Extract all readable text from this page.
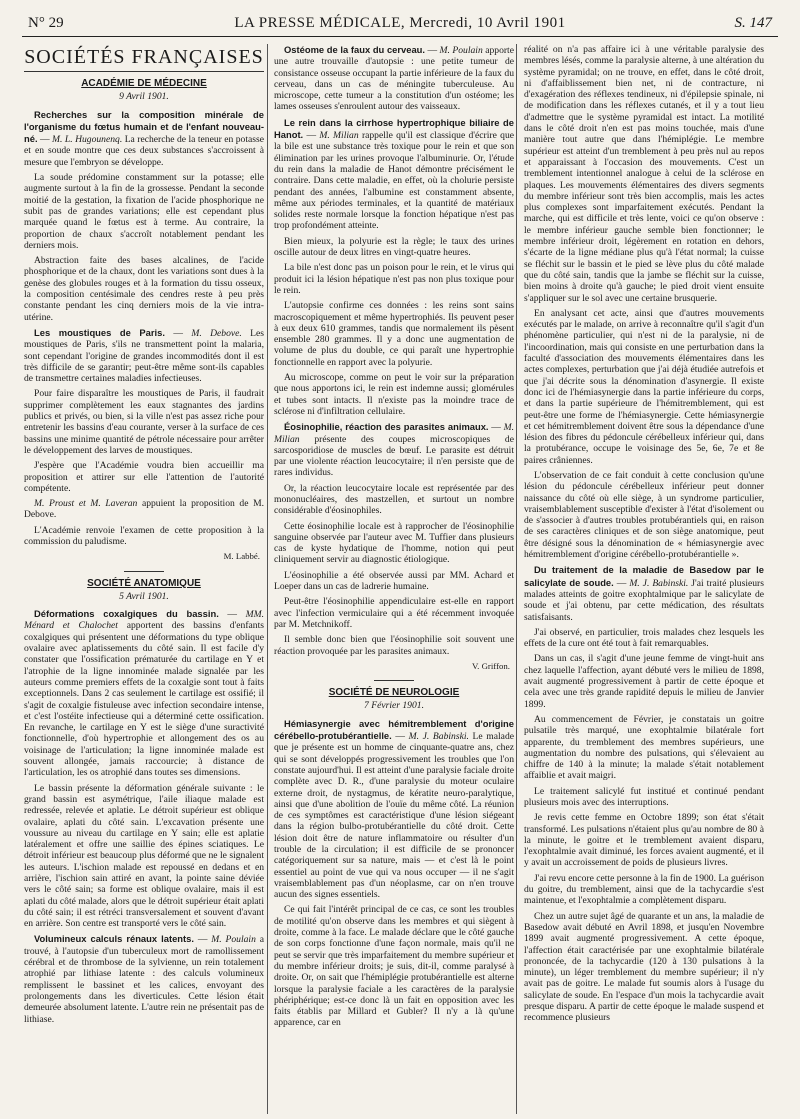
N° 29	LA PRESSE MÉDICALE, Mercredi, 10 Avril 1901	S. 147
SOCIÉTÉS FRANÇAISES
ACADÉMIE DE MÉDECINE
9 Avril 1901.

Recherches sur la composition minérale de l'organisme du fœtus humain et de l'enfant nouveau-né. — M. L. Hugounenq. La recherche de la teneur en potasse et en soude montre que ces deux substances s'accroissent à mesure que l'embryon se développe.

La soude prédomine constamment sur la potasse; elle augmente surtout à la fin de la grossesse. Pendant la seconde moitié de la gestation, la fixation de l'acide phosphorique ne subit pas de grandes variations; elle est cependant plus marquée quand le fœtus est à terme. Au contraire, la proportion de chaux s'accroît notablement pendant les derniers mois.

Abstraction faite des bases alcalines, de l'acide phosphorique et de la chaux, dont les variations sont dues à la genèse des globules rouges et à la formation du tissu osseux, la composition centésimale des cendres reste à peu près constante pendant les cinq derniers mois de la vie intra-utérine.

Les moustiques de Paris. — M. Debove. Les moustiques de Paris, s'ils ne transmettent point la malaria, sont cependant l'origine de grandes incommodités dont il est très difficile de se garantir; peut-être même sont-ils capables de transmettre certaines maladies infectieuses.

Pour faire disparaître les moustiques de Paris, il faudrait supprimer complètement les eaux stagnantes des jardins publics et privés, ou bien, si la ville n'est pas assez riche pour entretenir les bassins d'eau courante, verser à la surface de ces bassins une minime quantité de pétrole nécessaire pour arrêter le développement des larves de moustiques.

J'espère que l'Académie voudra bien accueillir ma proposition et attirer sur elle l'attention de l'autorité compétente.

M. Proust et M. Laveran appuient la proposition de M. Debove.

L'Académie renvoie l'examen de cette proposition à la commission du paludisme.

M. Labbé.

SOCIÉTÉ ANATOMIQUE
5 Avril 1901.

Déformations coxalgiques du bassin. — MM. Ménard et Chalochet apportent des bassins d'enfants coxalgiques qui présentent une déformations du type oblique ovalaire avec aplatissements du côté sain. Il est facile d'y constater que l'ossification prématurée du cartilage en Y et l'atrophie de la ligne innominée malade signalée par les auteurs comme premiers effets de la coxalgie sont tout à faits exceptionnels. Dans 2 cas seulement le cartilage est ossifié; il s'agit de coxalgie fistuleuse avec infection secondaire intense, et c'est l'ostéite infectieuse qui a déterminé cette ossification. En revanche, le cartilage en Y est le siège d'une suractivité fonctionnelle, d'où hypertrophie et allongement des os au voisinage de l'articulation; la ligne innominée malade est souvent allongée, jamais raccourcie; à distance de l'articulation, les os atrophié dans toutes ses dimensions.

Le bassin présente la déformation générale suivante : le grand bassin est asymétrique, l'aile iliaque malade est redressée, relevée et aplatie. Le détroit supérieur est oblique ovalaire, aplati du côté sain. L'excavation présente une voussure au niveau du cartilage en Y sain; elle est aplatie latéralement et offre une saillie des épines sciatiques. Le détroit inférieur est beaucoup plus déformé que ne le signalent les auteurs. L'ischion malade est repoussé en dedans et en arrière, l'ischion sain attiré en avant, la pointe saine déviée vers le côté sain; sa forme est oblique ovalaire, mais il est aplati du côté malade, alors que le détroit supérieur était aplati du côté sain; il est rétréci transversalement et souvent d'avant en arrière. Son centre est transporté vers le côté sain.

Volumineux calculs rénaux latents. — M. Poulain a trouvé, à l'autopsie d'un tuberculeux mort de ramollissement cérébral et de thrombose de la sylvienne, un rein totalement atrophié par lithiase latente : des calculs volumineux remplissent le bassinet et les calices, envoyant des prolongements dans les diverticules. Cette lésion était demeurée absolument latente. L'autre rein ne présentait pas de lithiase.

Ostéome de la faux du cerveau. — M. Poulain apporte une autre trouvaille d'autopsie : une petite tumeur de consistance osseuse occupant la partie inférieure de la faux du cerveau, dans un cas de méningite tuberculeuse. Au microscope, cette tumeur a la constitution d'un ostéome; les lames osseuses s'enroulent autour des vaisseaux.

Le rein dans la cirrhose hypertrophique biliaire de Hanot. — M. Milian rappelle qu'il est classique d'écrire que la bile est une substance très toxique pour le rein et que son élimination par les urines provoque l'albuminurie. Or, l'étude du rein dans la maladie de Hanot démontre précisément le contraire. Dans cette maladie, en effet, où la cholurie persiste pendant des années, l'albumine est constamment absente, même aux périodes terminales, et la quantité de matériaux solides reste normale lorsque la fonction hépatique n'est pas trop profondément atteinte.

Bien mieux, la polyurie est la règle; le taux des urines oscille autour de deux litres en vingt-quatre heures.

La bile n'est donc pas un poison pour le rein, et le virus qui produit ici la lésion hépatique n'est pas non plus toxique pour le rein.

L'autopsie confirme ces données : les reins sont sains macroscopiquement et même hypertrophiés. Ils peuvent peser à eux deux 610 grammes, tandis que normalement ils pèsent ensemble 280 grammes. Il y a donc une augmentation de volume de plus du double, ce qui paraît une hypertrophie fonctionnelle en rapport avec la polyurie.

Au microscope, comme on peut le voir sur la préparation que nous apportons ici, le rein est indemne aussi; glomérules et tubes sont intacts. Il n'existe pas la moindre trace de sclérose ni d'infiltration cellulaire.

Éosinophilie, réaction des parasites animaux. — M. Milian présente des coupes microscopiques de sarcosporidiose de muscles de bœuf. Le parasite est détruit par une violente réaction leucocytaire; il n'en persiste que de rares individus.

Or, la réaction leucocytaire locale est représentée par des mononucléaires, des mastzellen, et surtout un nombre considérable d'éosinophiles.

Cette éosinophilie locale est à rapprocher de l'éosinophilie sanguine observée par l'auteur avec M. Tuffier dans plusieurs cas de kyste hydatique de l'homme, notion qui peut cliniquement servir au diagnostic étiologique.

L'éosinophilie a été observée aussi par MM. Achard et Loeper dans un cas de ladrerie humaine.

Peut-être l'éosinophilie appendiculaire est-elle en rapport avec l'infection vermiculaire qui a été récemment invoquée par M. Metchnikoff.

Il semble donc bien que l'éosinophilie soit souvent une réaction provoquée par les parasites animaux.

V. Griffon.

SOCIÉTÉ DE NEUROLOGIE
7 Février 1901.

Hémiasynergie avec hémitremblement d'origine cérébello-protubérantielle. — M. J. Babinski. Le malade que je présente est un homme de cinquante-quatre ans, chez qui se sont développés progressivement les troubles que l'on constate aujourd'hui. Il est atteint d'une paralysie faciale droite complète avec D. R., d'une paralysie du moteur oculaire externe droit, de nystagmus, de kératite neuro-paralytique, ainsi que d'une abolition de l'ouïe du même côté. La réunion de ces symptômes est caractéristique d'une lésion siégeant dans la région bulbo-protubérantielle du côté droit. Cette lésion doit être de nature inflammatoire ou résulter d'un trouble de la circulation; il est difficile de se prononcer catégoriquement sur sa nature, mais — et c'est là le point essentiel au point de vue qui va nous occuper — il ne s'agit vraisemblablement pas d'un néoplasme, car on n'en trouve aucun des signes essentiels.

Ce qui fait l'intérêt principal de ce cas, ce sont les troubles de motilité qu'on observe dans les membres et qui siègent à droite, comme à la face. Le malade déclare que le côté gauche de son corps fonctionne d'une façon normale, mais qu'il ne peut se servir que très imparfaitement du membre supérieur et du membre inférieur droits; je suis, dit-il, comme paralysé à droite. Or, on sait que l'hémiplégie protubérantielle est alterne lorsque la paralysie faciale a les caractères de la paralysie phériphérique; est-ce donc là un fait en opposition avec les faits établis par Millard et Gubler? Il n'y a là qu'une apparence, car en

réalité on n'a pas affaire ici à une véritable paralysie des membres lésés, comme la paralysie alterne, à une altération du système pyramidal; on ne trouve, en effet, dans le côté droit, ni d'affaiblissement bien net, ni de contracture, ni d'exagération des réflexes tendineux, ni d'épilepsie spinale, ni de modification dans les réflexes cutanés, et il y a tout lieu d'admettre que le système pyramidal est intact. La motilité dans le côté droit n'en est pas moins touchée, mais d'une manière tout autre que dans l'hémiplégie. Le membre supérieur est atteint d'un tremblement à peu près nul au repos et apparaissant à l'occasion des mouvements. C'est un tremblement intentionnel analogue à celui de la sclérose en plaques. Les mouvements élémentaires des divers segments du membre inférieur sont très bien accomplis, mais les actes plus complexes sont imparfaitement exécutés. Pendant la marche, qui est difficile et très lente, voici ce qu'on observe : le membre inférieur gauche semble bien fonctionner; le membre inférieur droit, légèrement en rotation en dehors, s'écarte de la ligne médiane plus qu'à l'état normal; la cuisse se fléchit sur le bassin et le pied se lève plus du côté malade que du côté sain, tandis que la jambe se fléchit sur la cuisse, bien moins à droite qu'à gauche; le pied droit vient ensuite s'appliquer sur le sol avec une certaine brusquerie.

En analysant cet acte, ainsi que d'autres mouvements exécutés par le malade, on arrive à reconnaître qu'il s'agit d'un phénomène particulier, qui n'est ni de la paralysie, ni de l'incoordination, mais qui consiste en une perturbation dans la faculté d'association des mouvements élémentaires dans les actes complexes, perturbation que j'ai déjà étudiée autrefois et que j'ai décrite sous la dénomination d'asynergie. Il existe donc ici de l'hémiasynergie dans la partie inférieure du corps, et dans la partie supérieure de l'hémitremblement, qui est peut-être une forme de l'hémiasynergie. Cette hémiasynergie et cet hémitremblement doivent être sous la dépendance d'une lésion des fibres du pédoncule cérébelleux inférieur qui, dans la protubérance, occupe le voisinage des 5e, 6e, 7e et 8e paires crâniennes.

L'observation de ce fait conduit à cette conclusion qu'une lésion du pédoncule cérébelleux inférieur peut donner naissance du côté où elle siège, à un syndrome particulier, vraisemblablement susceptible d'exister à l'état d'isolement ou de s'associer à d'autres troubles protubérantiels qui, en raison de ses caractères cliniques et de son siège anatomique, peut être désigné sous la dénomination de « hémiasynergie avec hémitremblement d'origine cérébello-protubérantielle ».

Du traitement de la maladie de Basedow par le salicylate de soude. — M. J. Babinski. J'ai traité plusieurs malades atteints de goitre exophtalmique par le salicylate de soude et j'ai obtenu, par cette médication, des résultats satisfaisants.

J'ai observé, en particulier, trois malades chez lesquels les effets de la cure ont été tout à fait remarquables.

Dans un cas, il s'agit d'une jeune femme de vingt-huit ans chez laquelle l'affection, ayant débuté vers le milieu de 1898, avait augmenté progressivement à partir de cette époque et cela avec une très grande rapidité depuis le milieu de Janvier 1899.

Au commencement de Février, je constatais un goitre pulsatile très marqué, une exophtalmie bilatérale fort apparente, du tremblement des membres supérieurs, une augmentation du nombre des pulsations, qui s'élevaient au chiffre de 140 à la minute; la malade s'était notablement affaiblie et avait maigri.

Le traitement salicylé fut institué et continué pendant plusieurs mois avec des interruptions.

Je revis cette femme en Octobre 1899; son état s'était transformé. Les pulsations n'étaient plus qu'au nombre de 80 à la minute, le goitre et le tremblement avaient disparu, l'exophtalmie avait diminué, les forces avaient augmenté, et il y avait un accroissement de poids de plusieurs livres.

J'ai revu encore cette personne à la fin de 1900. La guérison du goitre, du tremblement, ainsi que de la tachycardie s'est maintenue, et l'exophtalmie a complètement disparu.

Chez un autre sujet âgé de quarante et un ans, la maladie de Basedow avait débuté en Avril 1898, et jusqu'en Novembre 1899 avait augmenté progressivement. A cette époque, l'affection était caractérisée par une exophtalmie bilatérale prononcée, de la tachycardie (120 à 130 pulsations à la minute), un léger tremblement du membre supérieur; il n'y avait pas de goitre. Le malade fut soumis alors à l'usage du salicylate de soude. En l'espace d'un mois la tachycardie avait presque disparu. A partir de cette époque le malade suspend et recommence plusieurs
